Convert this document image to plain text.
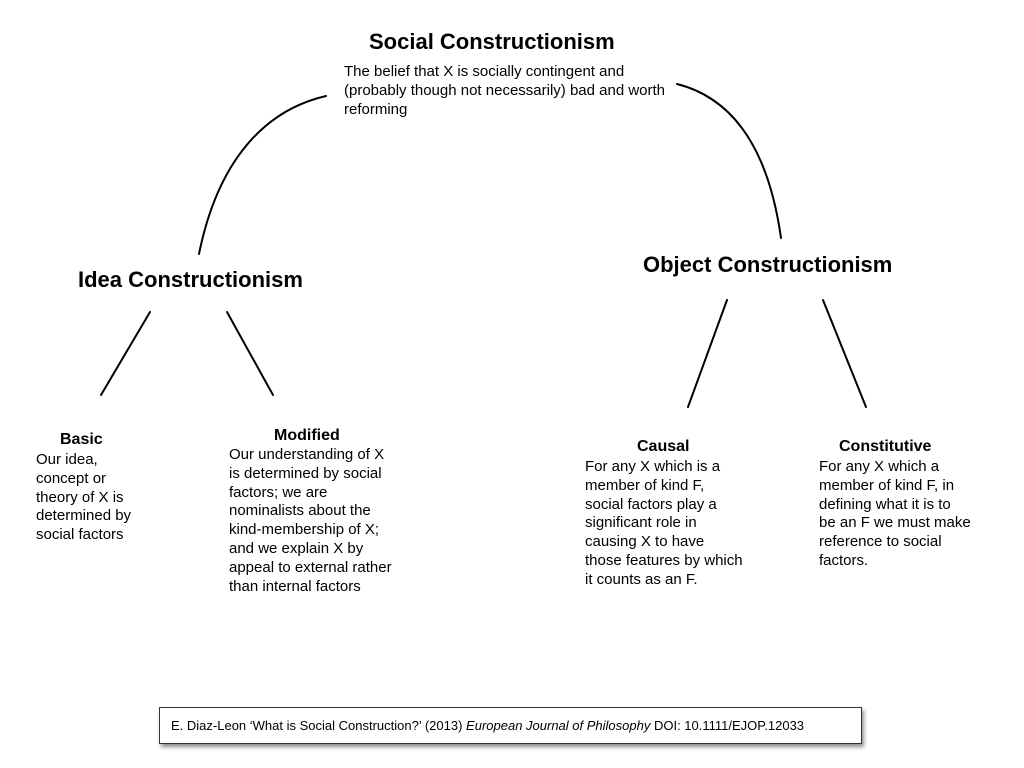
Social Constructionism
The belief that X is socially contingent and (probably though not necessarily) bad and worth reforming
Idea Constructionism
Object Constructionism
Basic
Our idea, concept or theory of X is determined by social factors
Modified
Our understanding of X is determined by social factors; we are nominalists about the kind-membership of X; and we explain X by appeal to external rather than internal factors
Causal
For any X which is a member of kind F, social factors play a significant role in causing X to have those features by which it counts as an F.
Constitutive
For any X which a member of kind F, in defining what it is to be an F we must make reference to social factors.
E. Diaz-Leon ‘What is Social Construction?’ (2013) European Journal of Philosophy DOI: 10.1111/EJOP.12033
